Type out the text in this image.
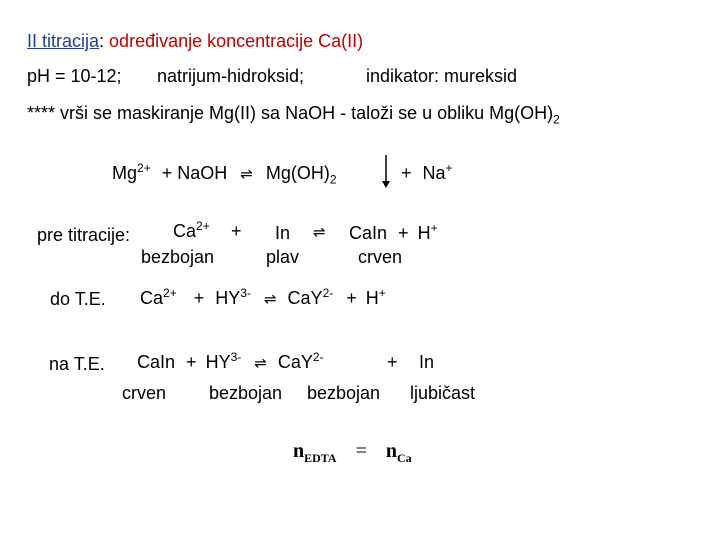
II titracija: određivanje koncentracije Ca(II)
pH = 10-12; natrijum-hidroksid;	indikator: mureksid
**** vrši se maskiranje Mg(II) sa NaOH - taloži se u obliku $Mg(OH)_2$
$Mg^{2+}$ + NaOH ⇌ $Mg(OH)_2$	+ Na+
pre titracije: $Ca^{2+} + In$ ⇌ CaIn + H+
bezbojan	plav	crven
do T.E. $Ca^{2+} + HY^{3-}$ ⇌ CaY$^{2-}$ + H+
na T.E. CaIn + $HY^{3-}$ ⇌ CaY$^{2-}$	+ In
crven bezbojan bezbojan ljubičast
$n_{EDTA} = n_{Ca}$
